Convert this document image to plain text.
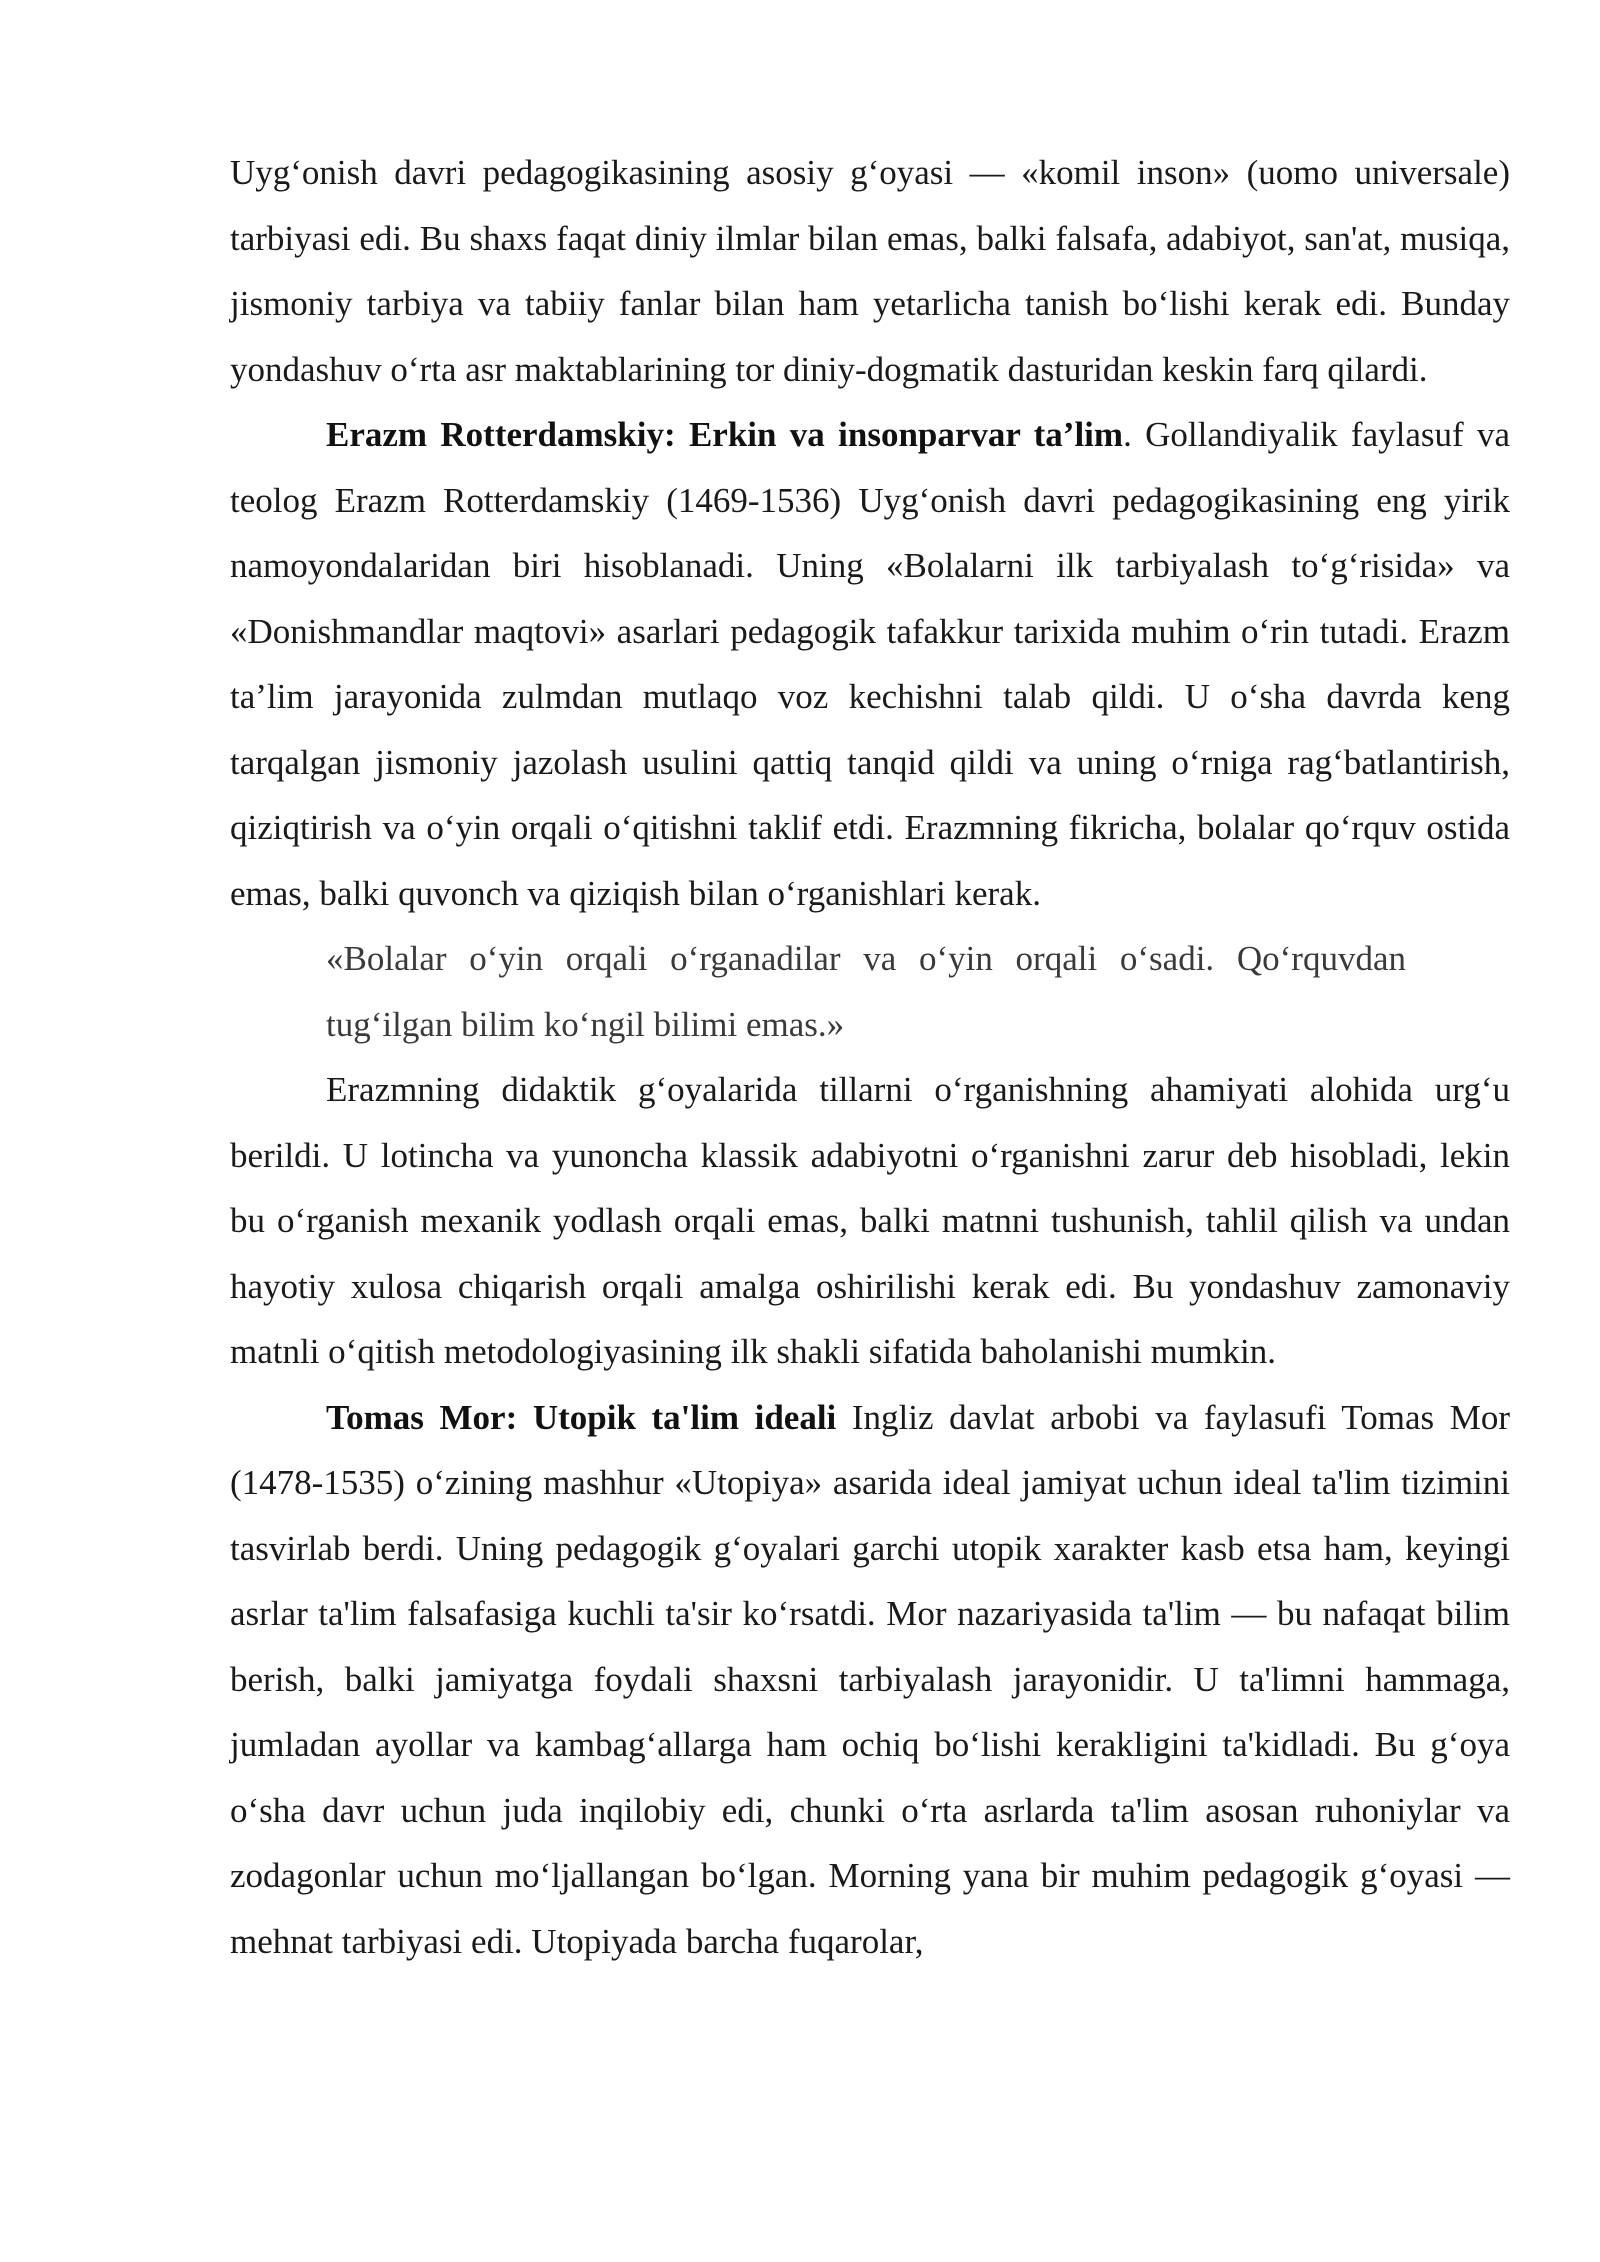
Uyg‘onish davri pedagogikasining asosiy g‘oyasi — «komil inson» (uomo universale) tarbiyasi edi. Bu shaxs faqat diniy ilmlar bilan emas, balki falsafa, adabiyot, san'at, musiqa, jismoniy tarbiya va tabiiy fanlar bilan ham yetarlicha tanish bo‘lishi kerak edi. Bunday yondashuv o‘rta asr maktablarining tor diniy-dogmatik dasturidan keskin farq qilardi.

Erazm Rotterdamskiy: Erkin va insonparvar ta’lim. Gollandiyalik faylasuf va teolog Erazm Rotterdamskiy (1469-1536) Uyg‘onish davri pedagogikasining eng yirik namoyondalaridan biri hisoblanadi. Uning «Bolalarni ilk tarbiyalash to‘g‘risida» va «Donishmandlar maqtovi» asarlari pedagogik tafakkur tarixida muhim o‘rin tutadi. Erazm ta’lim jarayonida zulmdan mutlaqo voz kechishni talab qildi. U o‘sha davrda keng tarqalgan jismoniy jazolash usulini qattiq tanqid qildi va uning o‘rniga rag‘batlantirish, qiziqtirish va o‘yin orqali o‘qitishni taklif etdi. Erazmning fikricha, bolalar qo‘rquv ostida emas, balki quvonch va qiziqish bilan o‘rganishlari kerak.

«Bolalar o‘yin orqali o‘rganadilar va o‘yin orqali o‘sadi. Qo‘rquvdan tug‘ilgan bilim ko‘ngil bilimi emas.»

Erazmning didaktik g‘oyalarida tillarni o‘rganishning ahamiyati alohida urg‘u berildi. U lotincha va yunoncha klassik adabiyotni o‘rganishni zarur deb hisobladi, lekin bu o‘rganish mexanik yodlash orqali emas, balki matnni tushunish, tahlil qilish va undan hayotiy xulosa chiqarish orqali amalga oshirilishi kerak edi. Bu yondashuv zamonaviy matnli o‘qitish metodologiyasining ilk shakli sifatida baholanishi mumkin.

Tomas Mor: Utopik ta'lim ideali Ingliz davlat arbobi va faylasufi Tomas Mor (1478-1535) o‘zining mashhur «Utopiya» asarida ideal jamiyat uchun ideal ta'lim tizimini tasvirlab berdi. Uning pedagogik g‘oyalari garchi utopik xarakter kasb etsa ham, keyingi asrlar ta'lim falsafasiga kuchli ta'sir ko‘rsatdi. Mor nazariyasida ta'lim — bu nafaqat bilim berish, balki jamiyatga foydali shaxsni tarbiyalash jarayonidir. U ta'limni hammaga, jumladan ayollar va kambag‘allarga ham ochiq bo‘lishi kerakligini ta'kidladi. Bu g‘oya o‘sha davr uchun juda inqilobiy edi, chunki o‘rta asrlarda ta'lim asosan ruhoniylar va zodagonlar uchun mo‘ljallangan bo‘lgan. Morning yana bir muhim pedagogik g‘oyasi — mehnat tarbiyasi edi. Utopiyada barcha fuqarolar,
